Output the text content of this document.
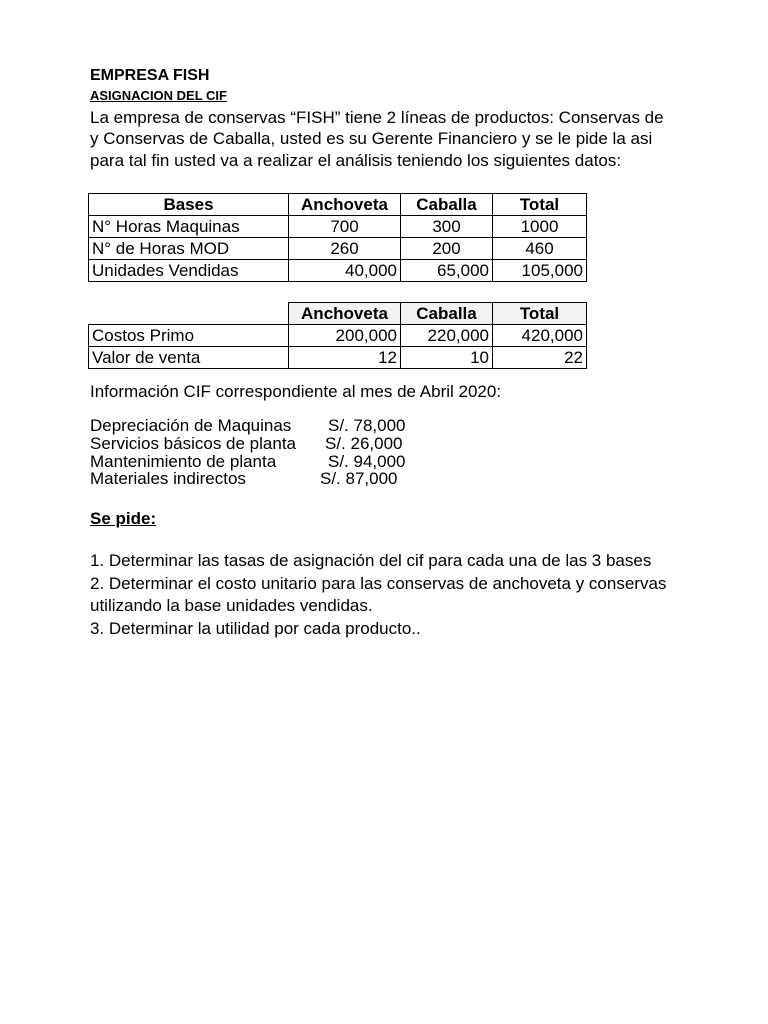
EMPRESA FISH
ASIGNACION DEL CIF
La empresa de conservas “FISH” tiene 2 líneas de productos: Conservas de
y Conservas de Caballa, usted es su Gerente Financiero y se le pide la asi
para tal fin usted va a realizar el análisis teniendo los siguientes datos:
Bases	Anchoveta	Caballa	Total
N° Horas Maquinas	700	300	1000
N° de Horas MOD	260	200	460
Unidades Vendidas	40,000	65,000	105,000
	Anchoveta	Caballa	Total
Costos Primo	200,000	220,000	420,000
Valor de venta	12	10	22
Información CIF correspondiente al mes de Abril 2020:
Depreciación de Maquinas S/. 78,000
Servicios básicos de planta S/. 26,000
Mantenimiento de planta	S/. 94,000
Materiales indirectos	S/. 87,000
Se pide:
1. Determinar las tasas de asignación del cif para cada una de las 3 bases
2. Determinar el costo unitario para las conservas de anchoveta y conservas
utilizando la base unidades vendidas.
3. Determinar la utilidad por cada producto..
